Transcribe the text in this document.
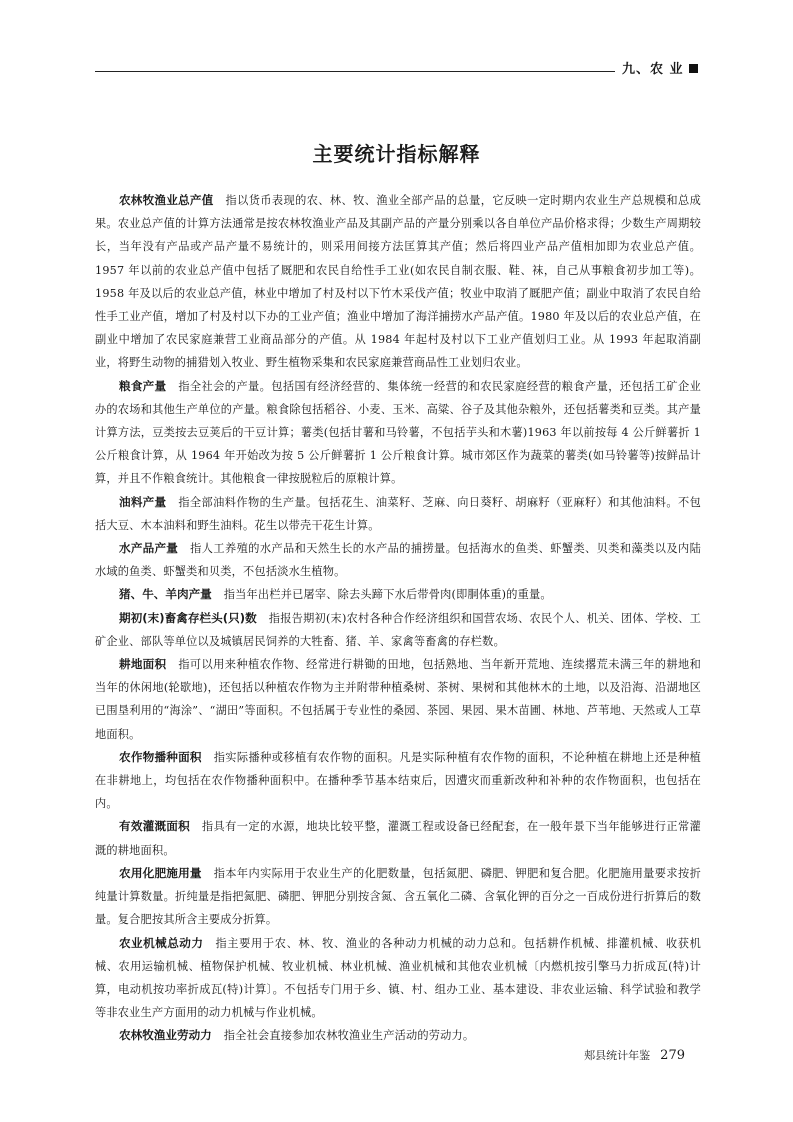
九、农 业
主要统计指标解释

农林牧渔业总产值 指以货币表现的农、林、牧、渔业全部产品的总量，它反映一定时期内农业生产总规模和总成果。农业总产值的计算方法通常是按农林牧渔业产品及其副产品的产量分别乘以各自单位产品价格求得；少数生产周期较长，当年没有产品或产品产量不易统计的，则采用间接方法匡算其产值；然后将四业产品产值相加即为农业总产值。1957 年以前的农业总产值中包括了厩肥和农民自给性手工业(如农民自制衣服、鞋、袜，自己从事粮食初步加工等)。1958 年及以后的农业总产值，林业中增加了村及村以下竹木采伐产值；牧业中取消了厩肥产值；副业中取消了农民自给性手工业产值，增加了村及村以下办的工业产值；渔业中增加了海洋捕捞水产品产值。1980 年及以后的农业总产值，在副业中增加了农民家庭兼营工业商品部分的产值。从 1984 年起村及村以下工业产值划归工业。从 1993 年起取消副业，将野生动物的捕猎划入牧业、野生植物采集和农民家庭兼营商品性工业划归农业。

粮食产量 指全社会的产量。包括国有经济经营的、集体统一经营的和农民家庭经营的粮食产量，还包括工矿企业办的农场和其他生产单位的产量。粮食除包括稻谷、小麦、玉米、高粱、谷子及其他杂粮外，还包括薯类和豆类。其产量计算方法，豆类按去豆荚后的干豆计算；薯类(包括甘薯和马铃薯，不包括芋头和木薯)1963 年以前按每 4 公斤鲜薯折 1 公斤粮食计算，从 1964 年开始改为按 5 公斤鲜薯折 1 公斤粮食计算。城市郊区作为蔬菜的薯类(如马铃薯等)按鲜品计算，并且不作粮食统计。其他粮食一律按脱粒后的原粮计算。

油料产量 指全部油料作物的生产量。包括花生、油菜籽、芝麻、向日葵籽、胡麻籽（亚麻籽）和其他油料。不包括大豆、木本油料和野生油料。花生以带壳干花生计算。

水产品产量 指人工养殖的水产品和天然生长的水产品的捕捞量。包括海水的鱼类、虾蟹类、贝类和藻类以及内陆水域的鱼类、虾蟹类和贝类，不包括淡水生植物。

猪、牛、羊肉产量 指当年出栏并已屠宰、除去头蹄下水后带骨肉(即胴体重)的重量。

期初(末)畜禽存栏头(只)数 指报告期初(末)农村各种合作经济组织和国营农场、农民个人、机关、团体、学校、工矿企业、部队等单位以及城镇居民饲养的大牲畜、猪、羊、家禽等畜禽的存栏数。

耕地面积 指可以用来种植农作物、经常进行耕锄的田地，包括熟地、当年新开荒地、连续撂荒未满三年的耕地和当年的休闲地(轮歇地)，还包括以种植农作物为主并附带种植桑树、茶树、果树和其他林木的土地，以及沿海、沿湖地区已围垦利用的“海涂”、“湖田”等面积。不包括属于专业性的桑园、茶园、果园、果木苗圃、林地、芦苇地、天然或人工草地面积。

农作物播种面积 指实际播种或移植有农作物的面积。凡是实际种植有农作物的面积，不论种植在耕地上还是种植在非耕地上，均包括在农作物播种面积中。在播种季节基本结束后，因遭灾而重新改种和补种的农作物面积，也包括在内。

有效灌溉面积 指具有一定的水源，地块比较平整，灌溉工程或设备已经配套，在一般年景下当年能够进行正常灌溉的耕地面积。

农用化肥施用量 指本年内实际用于农业生产的化肥数量，包括氮肥、磷肥、钾肥和复合肥。化肥施用量要求按折纯量计算数量。折纯量是指把氮肥、磷肥、钾肥分别按含氮、含五氧化二磷、含氧化钾的百分之一百成份进行折算后的数量。复合肥按其所含主要成分折算。

农业机械总动力 指主要用于农、林、牧、渔业的各种动力机械的动力总和。包括耕作机械、排灌机械、收获机械、农用运输机械、植物保护机械、牧业机械、林业机械、渔业机械和其他农业机械〔内燃机按引擎马力折成瓦(特)计算，电动机按功率折成瓦(特)计算〕。不包括专门用于乡、镇、村、组办工业、基本建设、非农业运输、科学试验和教学等非农业生产方面用的动力机械与作业机械。

农林牧渔业劳动力 指全社会直接参加农林牧渔业生产活动的劳动力。

郏县统计年鉴 279
